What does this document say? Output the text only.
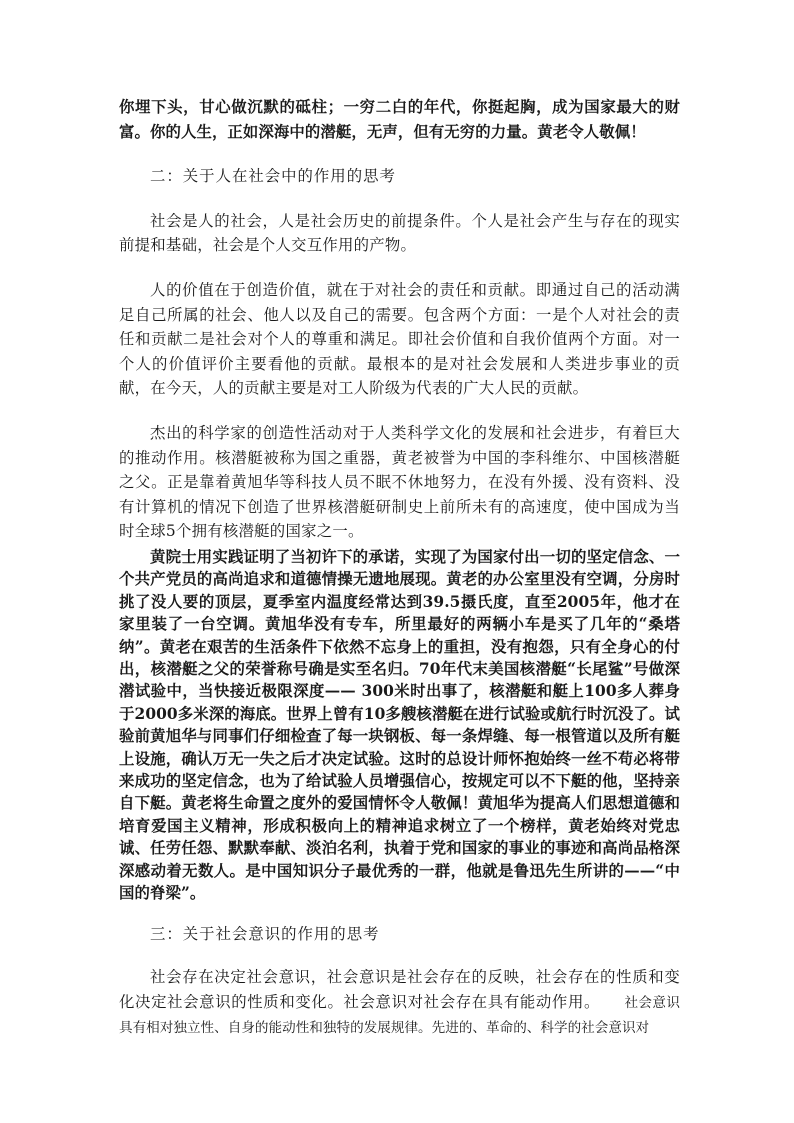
你埋下头，甘心做沉默的砥柱；一穷二白的年代，你挺起胸，成为国家最大的财富。你的人生，正如深海中的潜艇，无声，但有无穷的力量。黄老令人敬佩！

二：关于人在社会中的作用的思考

社会是人的社会，人是社会历史的前提条件。个人是社会产生与存在的现实前提和基础，社会是个人交互作用的产物。

人的价值在于创造价值，就在于对社会的责任和贡献。即通过自己的活动满足自己所属的社会、他人以及自己的需要。包含两个方面：一是个人对社会的责任和贡献二是社会对个人的尊重和满足。即社会价值和自我价值两个方面。对一个人的价值评价主要看他的贡献。最根本的是对社会发展和人类进步事业的贡献，在今天，人的贡献主要是对工人阶级为代表的广大人民的贡献。

杰出的科学家的创造性活动对于人类科学文化的发展和社会进步，有着巨大的推动作用。核潜艇被称为国之重器，黄老被誉为中国的李科维尔、中国核潜艇之父。正是靠着黄旭华等科技人员不眠不休地努力，在没有外援、没有资料、没有计算机的情况下创造了世界核潜艇研制史上前所未有的高速度，使中国成为当时全球5个拥有核潜艇的国家之一。

黄院士用实践证明了当初许下的承诺，实现了为国家付出一切的坚定信念、一个共产党员的高尚追求和道德情操无遗地展现。黄老的办公室里没有空调，分房时挑了没人要的顶层，夏季室内温度经常达到39.5摄氏度，直至2005年，他才在家里装了一台空调。黄旭华没有专车，所里最好的两辆小车是买了几年的“桑塔纳”。黄老在艰苦的生活条件下依然不忘身上的重担，没有抱怨，只有全身心的付出，核潜艇之父的荣誉称号确是实至名归。70年代末美国核潜艇“长尾鲨”号做深潜试验中，当快接近极限深度—— 300米时出事了，核潜艇和艇上100多人葬身于2000多米深的海底。世界上曾有10多艘核潜艇在进行试验或航行时沉没了。试验前黄旭华与同事们仔细检查了每一块钢板、每一条焊缝、每一根管道以及所有艇上设施，确认万无一失之后才决定试验。这时的总设计师怀抱始终一丝不苟必将带来成功的坚定信念，也为了给试验人员增强信心，按规定可以不下艇的他，坚持亲自下艇。黄老将生命置之度外的爱国情怀令人敬佩！黄旭华为提高人们思想道德和培育爱国主义精神，形成积极向上的精神追求树立了一个榜样，黄老始终对党忠诚、任劳任怨、默默奉献、淡泊名利，执着于党和国家的事业的事迹和高尚品格深深感动着无数人。是中国知识分子最优秀的一群，他就是鲁迅先生所讲的——“中国的脊梁”。

三：关于社会意识的作用的思考

社会存在决定社会意识，社会意识是社会存在的反映，社会存在的性质和变化决定社会意识的性质和变化。社会意识对社会存在具有能动作用。 社会意识具有相对独立性、自身的能动性和独特的发展规律。先进的、革命的、科学的社会意识对
